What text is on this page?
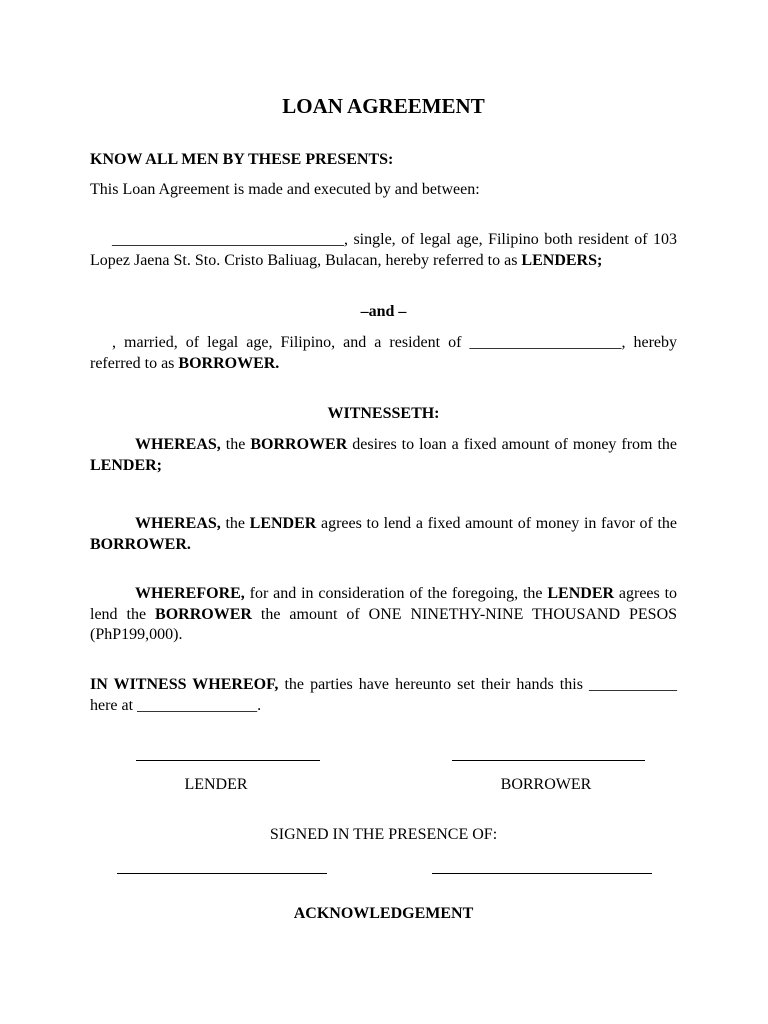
LOAN AGREEMENT
KNOW ALL MEN BY THESE PRESENTS:
This Loan Agreement is made and executed by and between:
_____________________________, single, of legal age, Filipino both resident of 103 Lopez Jaena St. Sto. Cristo Baliuag, Bulacan, hereby referred to as LENDERS;
–and –
, married, of legal age, Filipino, and a resident of ___________________, hereby referred to as BORROWER.
WITNESSETH:
WHEREAS, the BORROWER desires to loan a fixed amount of money from the LENDER;
WHEREAS, the LENDER agrees to lend a fixed amount of money in favor of the BORROWER.
WHEREFORE, for and in consideration of the foregoing, the LENDER agrees to lend the BORROWER the amount of ONE NINETHY-NINE THOUSAND PESOS (PhP199,000).
IN WITNESS WHEREOF, the parties have hereunto set their hands this ___________ here at _______________.
LENDER	BORROWER
SIGNED IN THE PRESENCE OF:
ACKNOWLEDGEMENT
